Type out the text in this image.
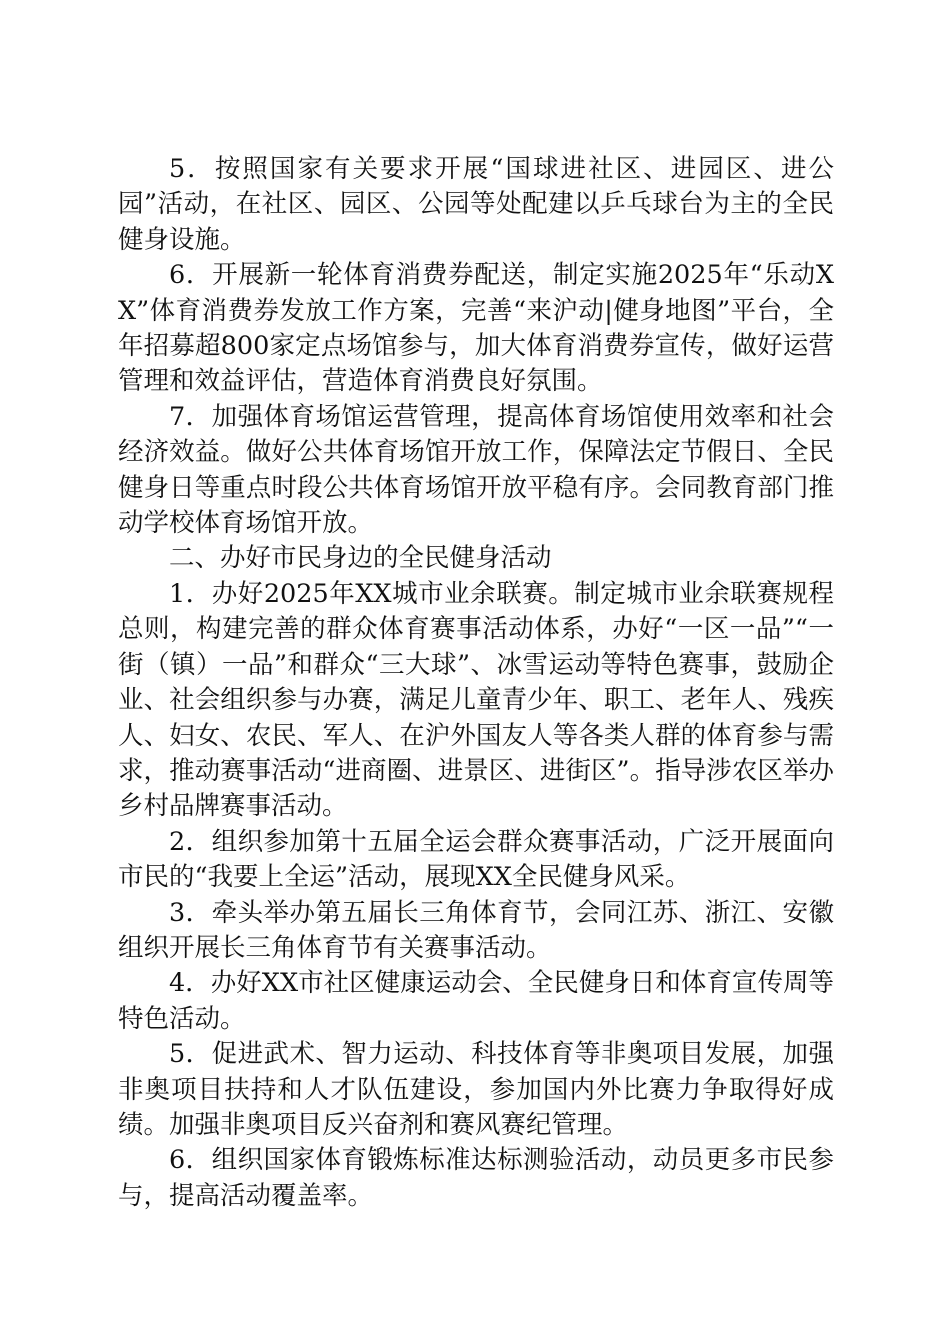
5．按照国家有关要求开展“国球进社区、进园区、进公园”活动，在社区、园区、公园等处配建以乒乓球台为主的全民健身设施。

6．开展新一轮体育消费券配送，制定实施2025年“乐动XX”体育消费券发放工作方案，完善“来沪动|健身地图”平台，全年招募超800家定点场馆参与，加大体育消费券宣传，做好运营管理和效益评估，营造体育消费良好氛围。

7．加强体育场馆运营管理，提高体育场馆使用效率和社会经济效益。做好公共体育场馆开放工作，保障法定节假日、全民健身日等重点时段公共体育场馆开放平稳有序。会同教育部门推动学校体育场馆开放。

二、办好市民身边的全民健身活动

1．办好2025年XX城市业余联赛。制定城市业余联赛规程总则，构建完善的群众体育赛事活动体系，办好“一区一品”“一街（镇）一品”和群众“三大球”、冰雪运动等特色赛事，鼓励企业、社会组织参与办赛，满足儿童青少年、职工、老年人、残疾人、妇女、农民、军人、在沪外国友人等各类人群的体育参与需求，推动赛事活动“进商圈、进景区、进街区”。指导涉农区举办乡村品牌赛事活动。

2．组织参加第十五届全运会群众赛事活动，广泛开展面向市民的“我要上全运”活动，展现XX全民健身风采。

3．牵头举办第五届长三角体育节，会同江苏、浙江、安徽组织开展长三角体育节有关赛事活动。

4．办好XX市社区健康运动会、全民健身日和体育宣传周等特色活动。

5．促进武术、智力运动、科技体育等非奥项目发展，加强非奥项目扶持和人才队伍建设，参加国内外比赛力争取得好成绩。加强非奥项目反兴奋剂和赛风赛纪管理。

6．组织国家体育锻炼标准达标测验活动，动员更多市民参与，提高活动覆盖率。
